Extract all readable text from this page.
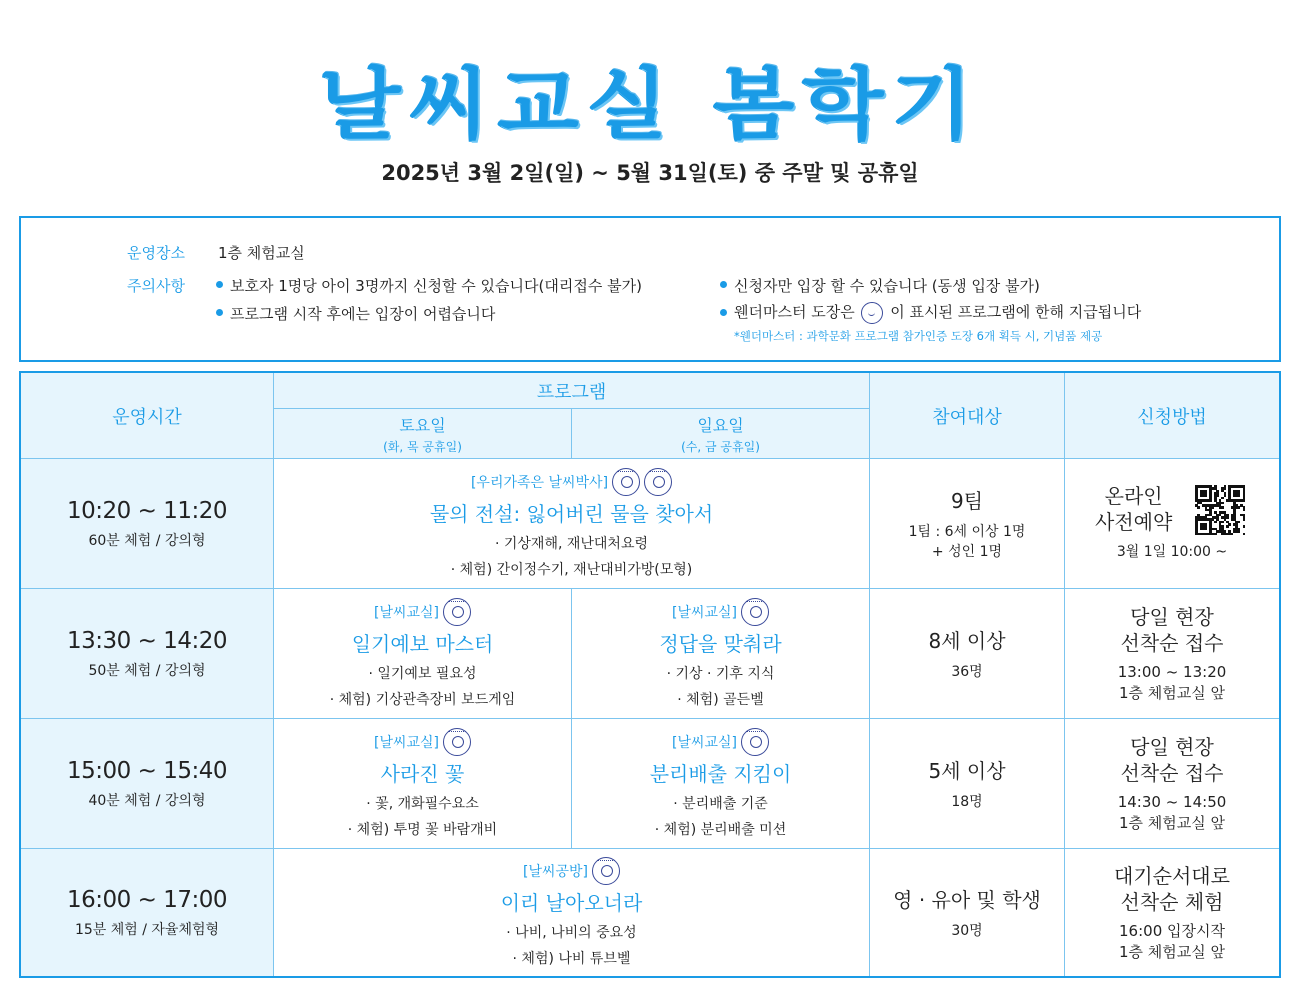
날씨교실 봄학기
2025년 3월 2일(일) ~ 5월 31일(토) 중 주말 및 공휴일
운영장소 1층 체험교실
주의사항	보호자 1명당 아이 3명까지 신청할 수 있습니다(대리접수 불가)
프로그램 시작 후에는 입장이 어렵습니다
신청자만 입장 할 수 있습니다 (동생 입장 불가)
웬더마스터 도장은 이 표시된 프로그램에 한해 지급됩니다
*웬더마스터 : 과학문화 프로그램 참가인증 도장 6개 획득 시, 기념품 제공
운영시간
프로그램
토요일
(화, 목 공휴일)
일요일
(수, 금 공휴일)
참여대상	신청방법
10:20 ~ 11:20
60분 체험 / 강의형
[우리가족은 날씨박사]
물의 전설: 잃어버린 물을 찾아서
· 기상재해, 재난대처요령
· 체험) 간이정수기, 재난대비가방(모형)
9팀
1팀 : 6세 이상 1명
+ 성인 1명
온라인
사전예약
3월 1일 10:00 ~
13:30 ~ 14:20
50분 체험 / 강의형
[날씨교실]
일기예보 마스터
· 일기예보 필요성
· 체험) 기상관측장비 보드게임
[날씨교실]
정답을 맞춰라
· 기상 · 기후 지식
· 체험) 골든벨
8세 이상
36명
당일 현장
선착순 접수
13:00 ~ 13:20
1층 체험교실 앞
15:00 ~ 15:40
40분 체험 / 강의형
[날씨교실]
사라진 꽃
· 꽃, 개화필수요소
· 체험) 투명 꽃 바람개비
[날씨교실]
분리배출 지킴이
· 분리배출 기준
· 체험) 분리배출 미션
5세 이상
18명
당일 현장
선착순 접수
14:30 ~ 14:50
1층 체험교실 앞
16:00 ~ 17:00
15분 체험 / 자율체험형
[날씨공방]
이리 날아오너라
· 나비, 나비의 중요성
· 체험) 나비 튜브벨
영 · 유아 및 학생
30명
대기순서대로
선착순 체험
16:00 입장시작
1층 체험교실 앞
